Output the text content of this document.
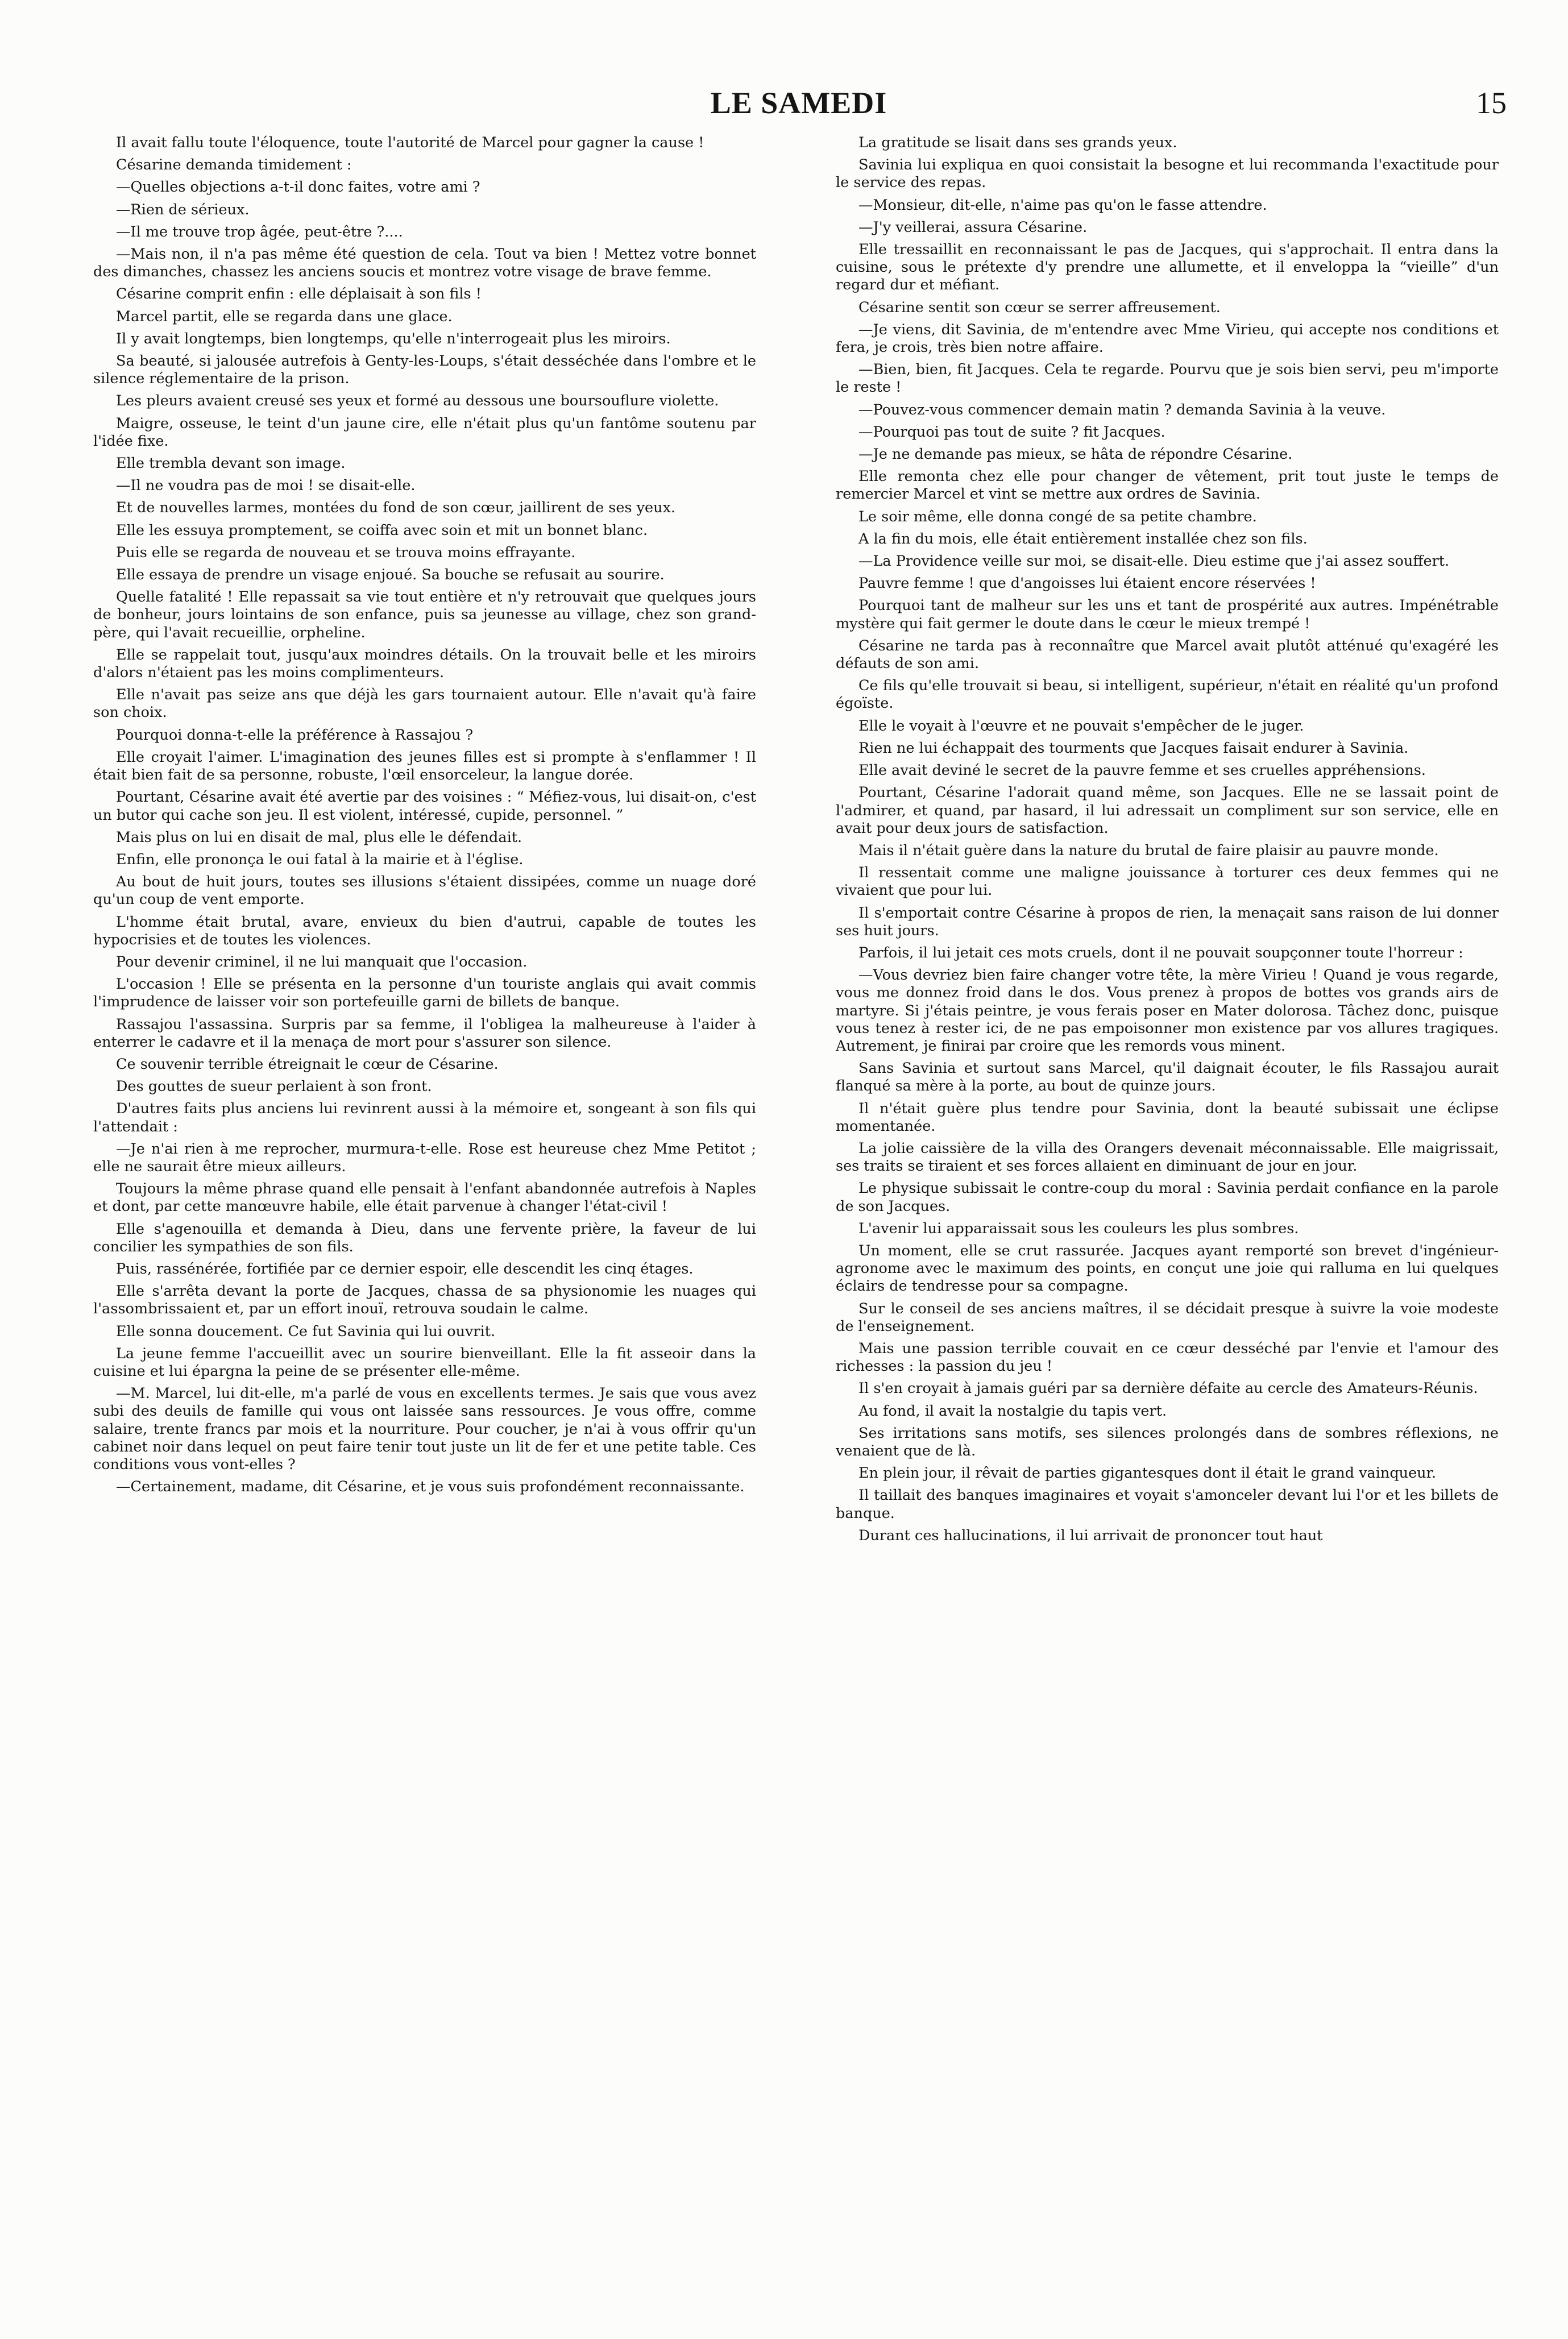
LE SAMEDI	15

Il avait fallu toute l'éloquence, toute l'autorité de Marcel pour gagner la cause !

Césarine demanda timidement :

—Quelles objections a-t-il donc faites, votre ami ?

—Rien de sérieux.

—Il me trouve trop âgée, peut-être ?....

—Mais non, il n'a pas même été question de cela. Tout va bien ! Mettez votre bonnet des dimanches, chassez les anciens soucis et montrez votre visage de brave femme.

Césarine comprit enfin : elle déplaisait à son fils !

Marcel partit, elle se regarda dans une glace.

Il y avait longtemps, bien longtemps, qu'elle n'interrogeait plus les miroirs.

Sa beauté, si jalousée autrefois à Genty-les-Loups, s'était desséchée dans l'ombre et le silence réglementaire de la prison.

Les pleurs avaient creusé ses yeux et formé au dessous une boursouflure violette.

Maigre, osseuse, le teint d'un jaune cire, elle n'était plus qu'un fantôme soutenu par l'idée fixe.

Elle trembla devant son image.

—Il ne voudra pas de moi ! se disait-elle.

Et de nouvelles larmes, montées du fond de son cœur, jaillirent de ses yeux.

Elle les essuya promptement, se coiffa avec soin et mit un bonnet blanc.

Puis elle se regarda de nouveau et se trouva moins effrayante.

Elle essaya de prendre un visage enjoué. Sa bouche se refusait au sourire.

Quelle fatalité ! Elle repassait sa vie tout entière et n'y retrouvait que quelques jours de bonheur, jours lointains de son enfance, puis sa jeunesse au village, chez son grand-père, qui l'avait recueillie, orpheline.

Elle se rappelait tout, jusqu'aux moindres détails. On la trouvait belle et les miroirs d'alors n'étaient pas les moins complimenteurs.

Elle n'avait pas seize ans que déjà les gars tournaient autour. Elle n'avait qu'à faire son choix.

Pourquoi donna-t-elle la préférence à Rassajou ?

Elle croyait l'aimer. L'imagination des jeunes filles est si prompte à s'enflammer ! Il était bien fait de sa personne, robuste, l'œil ensorceleur, la langue dorée.

Pourtant, Césarine avait été avertie par des voisines : “ Méfiez-vous, lui disait-on, c'est un butor qui cache son jeu. Il est violent, intéressé, cupide, personnel. ”

Mais plus on lui en disait de mal, plus elle le défendait.

Enfin, elle prononça le oui fatal à la mairie et à l'église.

Au bout de huit jours, toutes ses illusions s'étaient dissipées, comme un nuage doré qu'un coup de vent emporte.

L'homme était brutal, avare, envieux du bien d'autrui, capable de toutes les hypocrisies et de toutes les violences.

Pour devenir criminel, il ne lui manquait que l'occasion.

L'occasion ! Elle se présenta en la personne d'un touriste anglais qui avait commis l'imprudence de laisser voir son portefeuille garni de billets de banque.

Rassajou l'assassina. Surpris par sa femme, il l'obligea la malheureuse à l'aider à enterrer le cadavre et il la menaça de mort pour s'assurer son silence.

Ce souvenir terrible étreignait le cœur de Césarine.

Des gouttes de sueur perlaient à son front.

D'autres faits plus anciens lui revinrent aussi à la mémoire et, songeant à son fils qui l'attendait :

—Je n'ai rien à me reprocher, murmura-t-elle. Rose est heureuse chez Mme Petitot ; elle ne saurait être mieux ailleurs.

Toujours la même phrase quand elle pensait à l'enfant abandonnée autrefois à Naples et dont, par cette manœuvre habile, elle était parvenue à changer l'état-civil !

Elle s'agenouilla et demanda à Dieu, dans une fervente prière, la faveur de lui concilier les sympathies de son fils.

Puis, rassénérée, fortifiée par ce dernier espoir, elle descendit les cinq étages.

Elle s'arrêta devant la porte de Jacques, chassa de sa physionomie les nuages qui l'assombrissaient et, par un effort inouï, retrouva soudain le calme.

Elle sonna doucement. Ce fut Savinia qui lui ouvrit.

La jeune femme l'accueillit avec un sourire bienveillant. Elle la fit asseoir dans la cuisine et lui épargna la peine de se présenter elle-même.

—M. Marcel, lui dit-elle, m'a parlé de vous en excellents termes. Je sais que vous avez subi des deuils de famille qui vous ont laissée sans ressources. Je vous offre, comme salaire, trente francs par mois et la nourriture. Pour coucher, je n'ai à vous offrir qu'un cabinet noir dans lequel on peut faire tenir tout juste un lit de fer et une petite table. Ces conditions vous vont-elles ?

—Certainement, madame, dit Césarine, et je vous suis profondément reconnaissante.

La gratitude se lisait dans ses grands yeux.

Savinia lui expliqua en quoi consistait la besogne et lui recommanda l'exactitude pour le service des repas.

—Monsieur, dit-elle, n'aime pas qu'on le fasse attendre.

—J'y veillerai, assura Césarine.

Elle tressaillit en reconnaissant le pas de Jacques, qui s'approchait. Il entra dans la cuisine, sous le prétexte d'y prendre une allumette, et il enveloppa la “vieille” d'un regard dur et méfiant.

Césarine sentit son cœur se serrer affreusement.

—Je viens, dit Savinia, de m'entendre avec Mme Virieu, qui accepte nos conditions et fera, je crois, très bien notre affaire.

—Bien, bien, fit Jacques. Cela te regarde. Pourvu que je sois bien servi, peu m'importe le reste !

—Pouvez-vous commencer demain matin ? demanda Savinia à la veuve.

—Pourquoi pas tout de suite ? fit Jacques.

—Je ne demande pas mieux, se hâta de répondre Césarine.

Elle remonta chez elle pour changer de vêtement, prit tout juste le temps de remercier Marcel et vint se mettre aux ordres de Savinia.

Le soir même, elle donna congé de sa petite chambre.

A la fin du mois, elle était entièrement installée chez son fils.

—La Providence veille sur moi, se disait-elle. Dieu estime que j'ai assez souffert.

Pauvre femme ! que d'angoisses lui étaient encore réservées !

Pourquoi tant de malheur sur les uns et tant de prospérité aux autres. Impénétrable mystère qui fait germer le doute dans le cœur le mieux trempé !

Césarine ne tarda pas à reconnaître que Marcel avait plutôt atténué qu'exagéré les défauts de son ami.

Ce fils qu'elle trouvait si beau, si intelligent, supérieur, n'était en réalité qu'un profond égoïste.

Elle le voyait à l'œuvre et ne pouvait s'empêcher de le juger.

Rien ne lui échappait des tourments que Jacques faisait endurer à Savinia.

Elle avait deviné le secret de la pauvre femme et ses cruelles appréhensions.

Pourtant, Césarine l'adorait quand même, son Jacques. Elle ne se lassait point de l'admirer, et quand, par hasard, il lui adressait un compliment sur son service, elle en avait pour deux jours de satisfaction.

Mais il n'était guère dans la nature du brutal de faire plaisir au pauvre monde.

Il ressentait comme une maligne jouissance à torturer ces deux femmes qui ne vivaient que pour lui.

Il s'emportait contre Césarine à propos de rien, la menaçait sans raison de lui donner ses huit jours.

Parfois, il lui jetait ces mots cruels, dont il ne pouvait soupçonner toute l'horreur :

—Vous devriez bien faire changer votre tête, la mère Virieu ! Quand je vous regarde, vous me donnez froid dans le dos. Vous prenez à propos de bottes vos grands airs de martyre. Si j'étais peintre, je vous ferais poser en Mater dolorosa. Tâchez donc, puisque vous tenez à rester ici, de ne pas empoisonner mon existence par vos allures tragiques. Autrement, je finirai par croire que les remords vous minent.

Sans Savinia et surtout sans Marcel, qu'il daignait écouter, le fils Rassajou aurait flanqué sa mère à la porte, au bout de quinze jours.

Il n'était guère plus tendre pour Savinia, dont la beauté subissait une éclipse momentanée.

La jolie caissière de la villa des Orangers devenait méconnaissable. Elle maigrissait, ses traits se tiraient et ses forces allaient en diminuant de jour en jour.

Le physique subissait le contre-coup du moral : Savinia perdait confiance en la parole de son Jacques.

L'avenir lui apparaissait sous les couleurs les plus sombres.

Un moment, elle se crut rassurée. Jacques ayant remporté son brevet d'ingénieur-agronome avec le maximum des points, en conçut une joie qui ralluma en lui quelques éclairs de tendresse pour sa compagne.

Sur le conseil de ses anciens maîtres, il se décidait presque à suivre la voie modeste de l'enseignement.

Mais une passion terrible couvait en ce cœur desséché par l'envie et l'amour des richesses : la passion du jeu !

Il s'en croyait à jamais guéri par sa dernière défaite au cercle des Amateurs-Réunis.

Au fond, il avait la nostalgie du tapis vert.

Ses irritations sans motifs, ses silences prolongés dans de sombres réflexions, ne venaient que de là.

En plein jour, il rêvait de parties gigantesques dont il était le grand vainqueur.

Il taillait des banques imaginaires et voyait s'amonceler devant lui l'or et les billets de banque.

Durant ces hallucinations, il lui arrivait de prononcer tout haut
